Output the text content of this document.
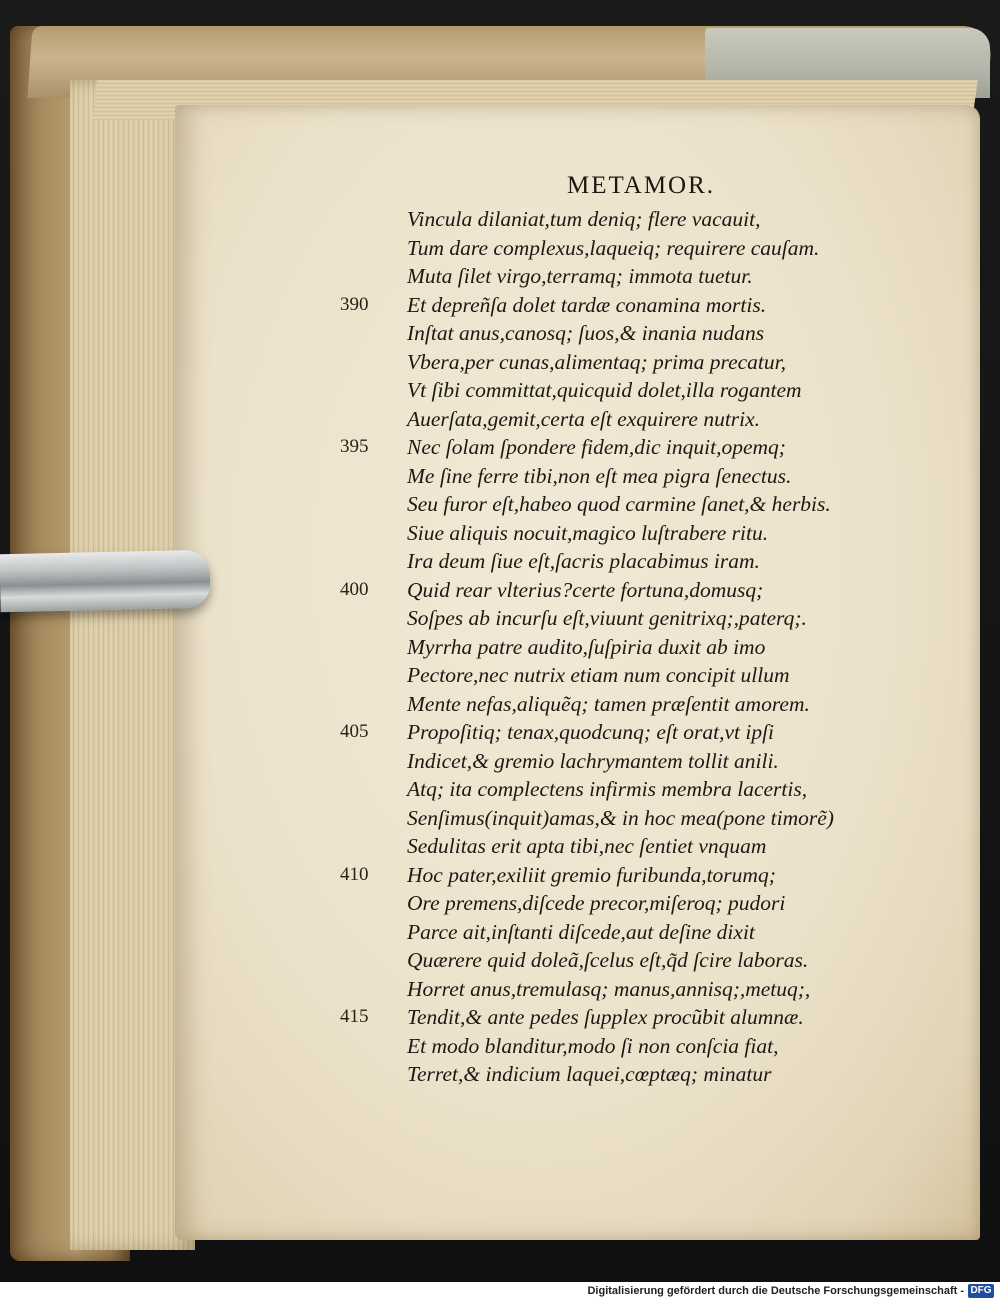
METAMOR.
Vincula dilaniat,tum deniq; flere vacauit,
Tum dare complexus,laqueiq; requirere cauſam.
Muta ſilet virgo,terramq; immota tuetur.
390	Et depreñſa dolet tardæ conamina mortis.
Inſtat anus,canosq; ſuos,& inania nudans
Vbera,per cunas,alimentaq; prima precatur,
Vt ſibi committat,quicquid dolet,illa rogantem
Auerſata,gemit,certa eſt exquirere nutrix.
395	Nec ſolam ſpondere fidem,dic inquit,opemq;
Me ſine ferre tibi,non eſt mea pigra ſenectus.
Seu furor eſt,habeo quod carmine ſanet,& herbis.
Siue aliquis nocuit,magico luſtrabere ritu.
Ira deum ſiue eſt,ſacris placabimus iram.
400	Quid rear vlterius?certe fortuna,domusq;
Soſpes ab incurſu eſt,viuunt genitrixq;,paterq;.
Myrrha patre audito,ſuſpiria duxit ab imo
Pectore,nec nutrix etiam num concipit ullum
Mente nefas,aliquẽq; tamen præſentit amorem.
405	Propoſitiq; tenax,quodcunq; eſt orat,vt ipſi
Indicet,& gremio lachrymantem tollit anili.
Atq; ita complectens infirmis membra lacertis,
Senſimus(inquit)amas,& in hoc mea(pone timorẽ)
Sedulitas erit apta tibi,nec ſentiet vnquam
410	Hoc pater,exiliit gremio furibunda,torumq;
Ore premens,diſcede precor,miſeroq; pudori
Parce ait,inſtanti diſcede,aut deſine dixit
Quærere quid doleã,ſcelus eſt,q̃d ſcire laboras.
Horret anus,tremulasq; manus,annisq;,metuq;,
415	Tendit,& ante pedes ſupplex procũbit alumnæ.
Et modo blanditur,modo ſi non conſcia fiat,
Terret,& indicium laquei,cœptæq; minatur
Digitalisierung gefördert durch die Deutsche Forschungsgemeinschaft - DFG
